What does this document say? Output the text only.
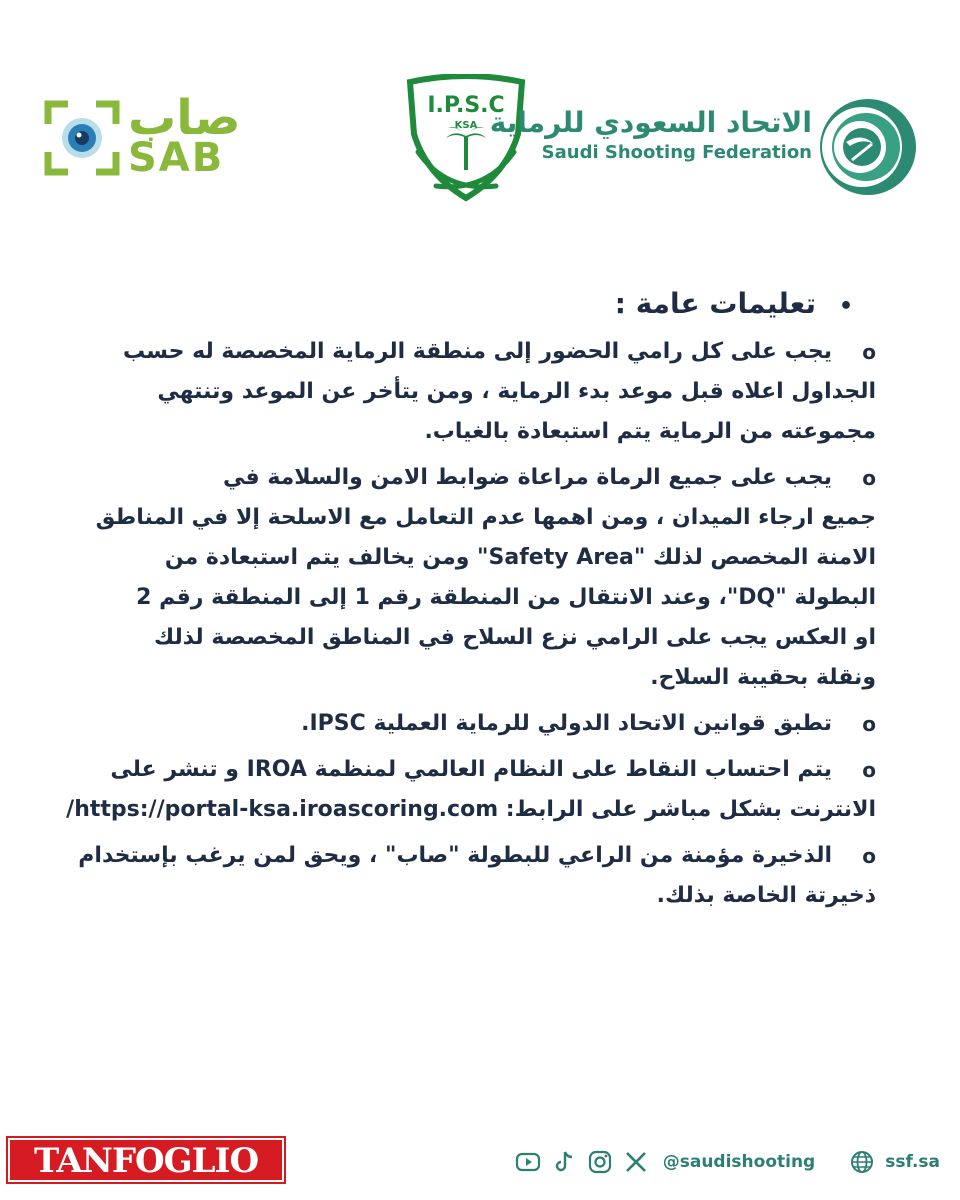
صاب
SAB
I.P.S.C
KSA الاتحاد السعودي للرماية
Saudi Shooting Federation
•تعليمات عامة :
o
يجب على كل رامي الحضور إلى منطقة الرماية المخصصة له حسب
الجداول اعلاه قبل موعد بدء الرماية ، ومن يتأخر عن الموعد وتنتهي
مجموعته من الرماية يتم استبعادة بالغياب.
o
يجب على جميع الرماة مراعاة ضوابط الامن والسلامة في
جميع ارجاء الميدان ، ومن اهمها عدم التعامل مع الاسلحة إلا في المناطق
الامنة المخصص لذلك "Safety Area" ومن يخالف يتم استبعادة من
البطولة "DQ"، وعند الانتقال من المنطقة رقم 1 إلى المنطقة رقم 2
او العكس يجب على الرامي نزع السلاح في المناطق المخصصة لذلك
ونقلة بحقيبة السلاح.
o
تطبق قوانين الاتحاد الدولي للرماية العملية IPSC.
o
يتم احتساب النقاط على النظام العالمي لمنظمة IROA و تنشر على
الانترنت بشكل مباشر على الرابط: https://portal-ksa.iroascoring.com/
o
الذخيرة مؤمنة من الراعي للبطولة "صاب" ، ويحق لمن يرغب بإستخدام
ذخيرتة الخاصة بذلك.
TANFOGLIO	@saudishooting	ssf.sa
